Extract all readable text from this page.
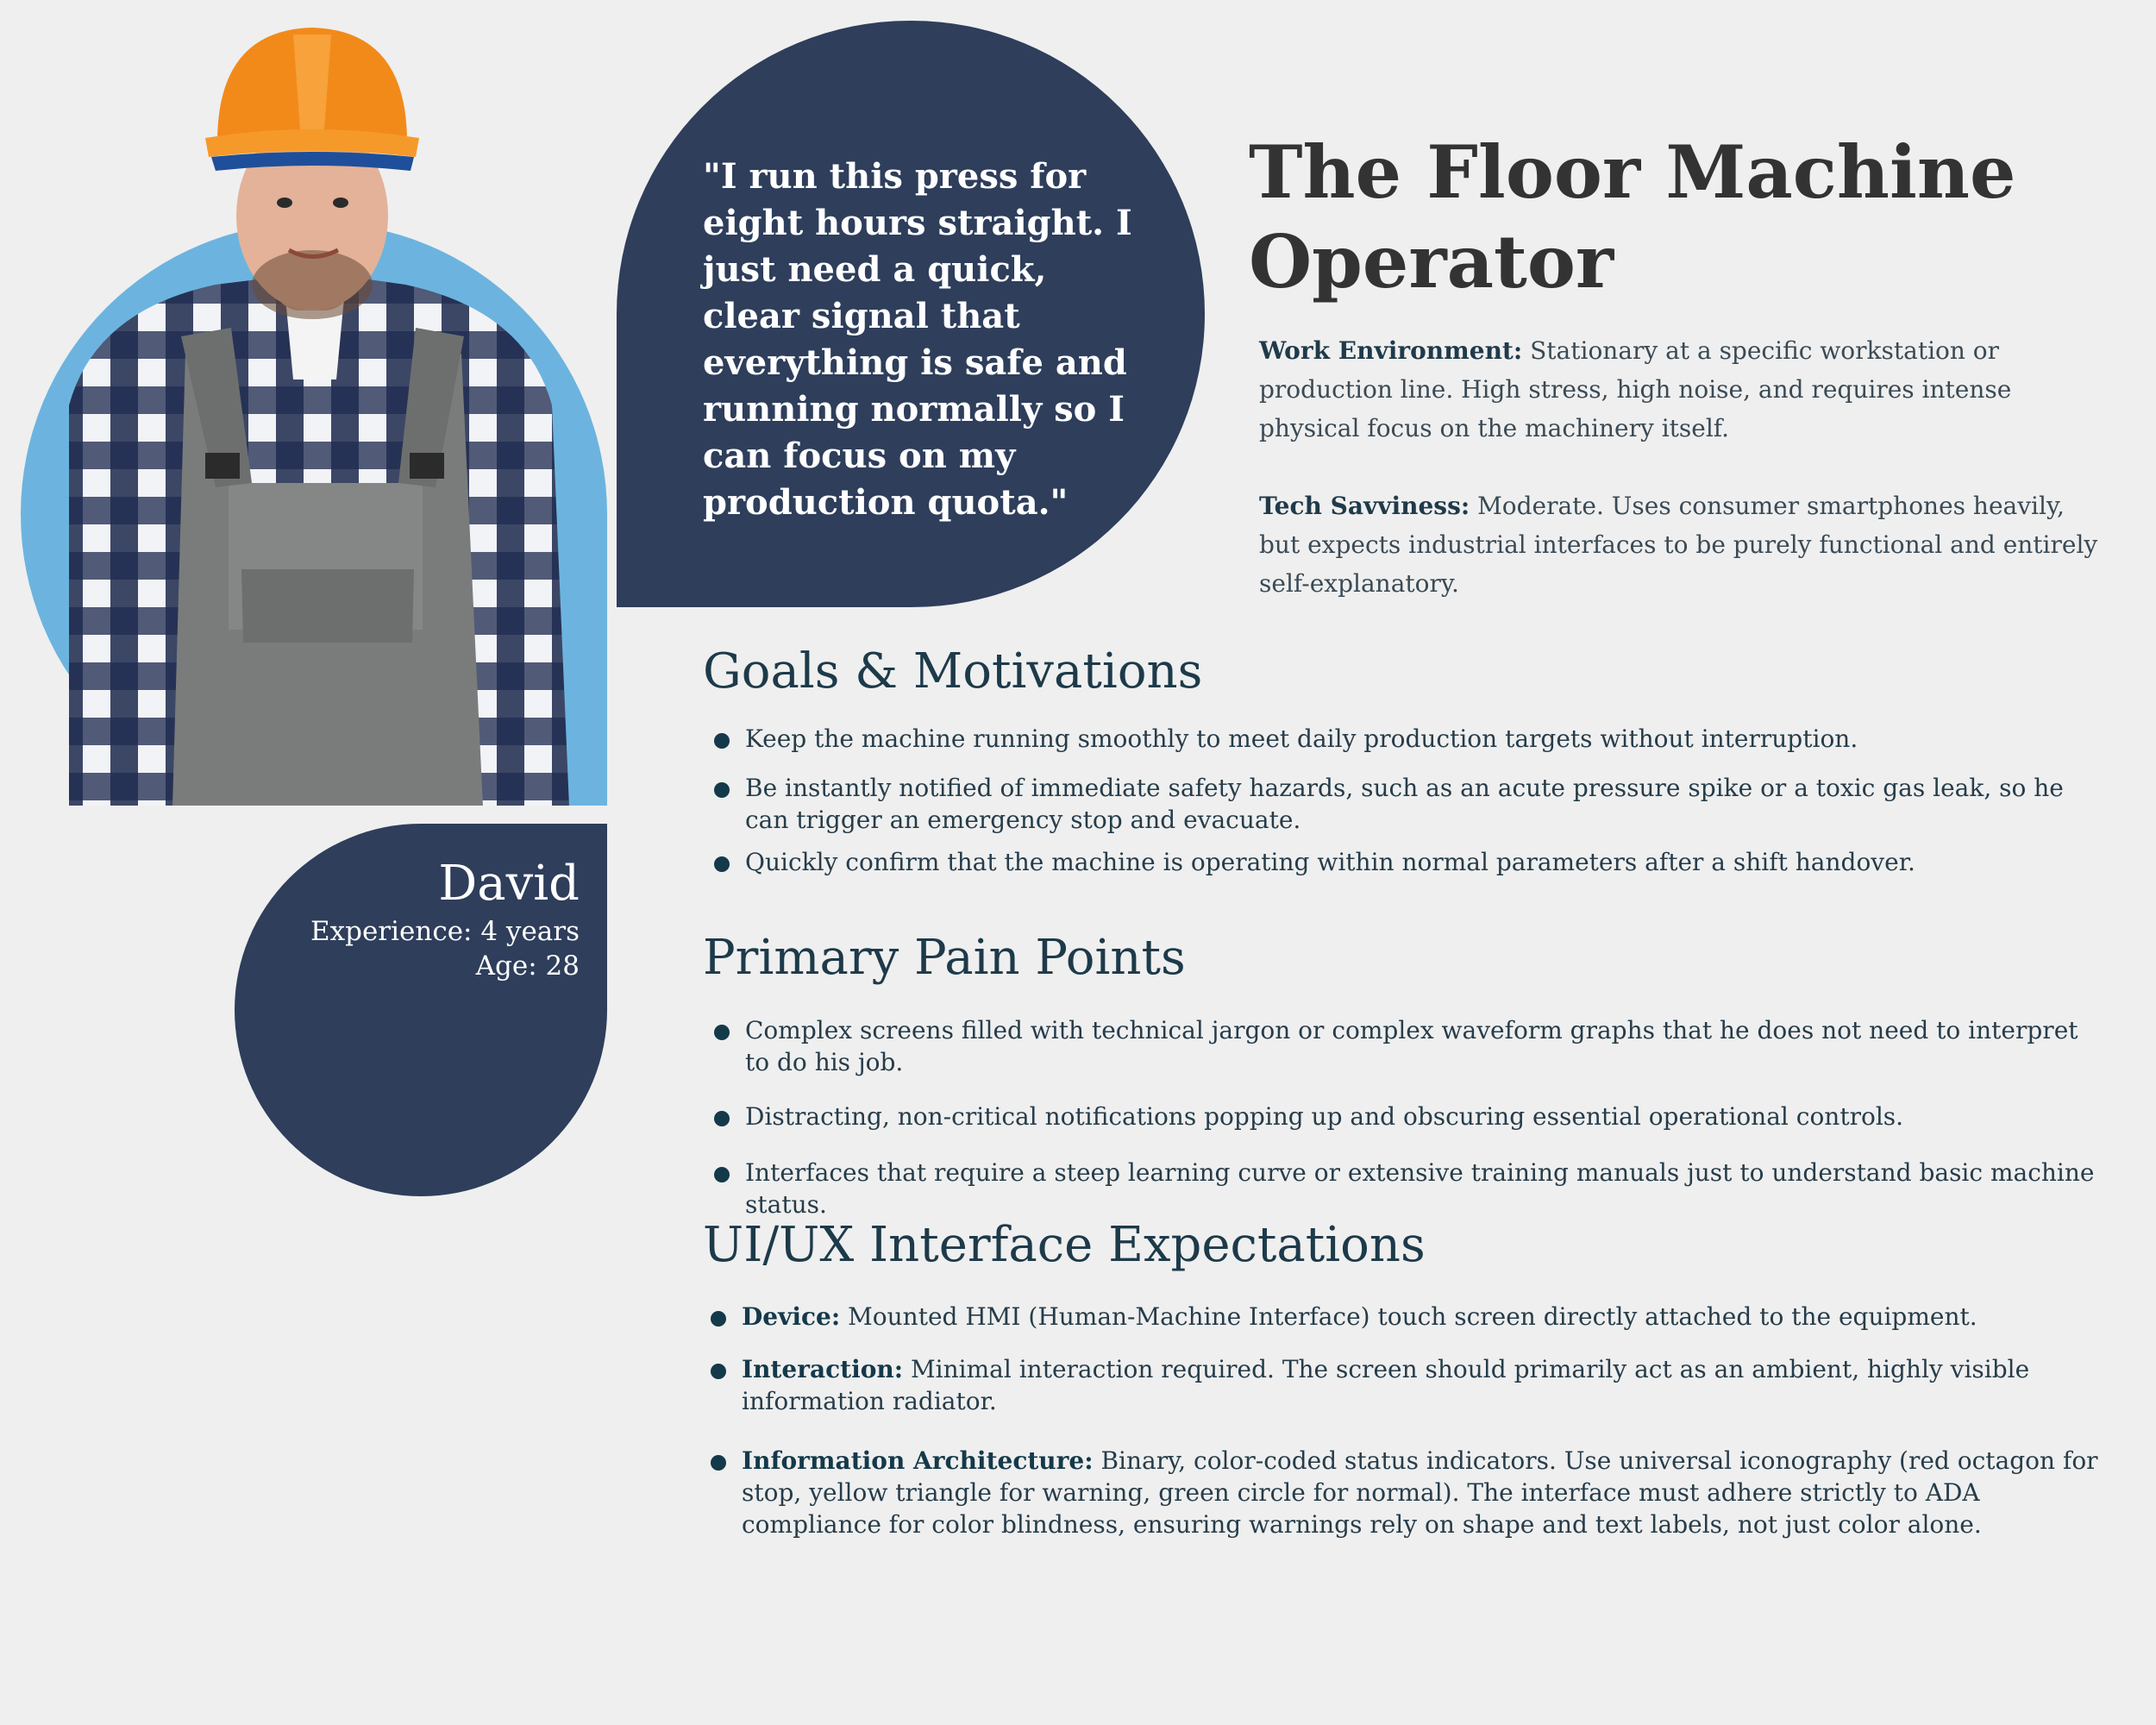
"I run this press for eight hours straight. I just need a quick, clear signal that everything is safe and running normally so I can focus on my production quota."
David
Experience: 4 years
Age: 28
The Floor Machine Operator
Work Environment: Stationary at a specific workstation or production line. High stress, high noise, and requires intense physical focus on the machinery itself.
Tech Savviness: Moderate. Uses consumer smartphones heavily, but expects industrial interfaces to be purely functional and entirely self-explanatory.
Goals & Motivations
Keep the machine running smoothly to meet daily production targets without interruption.
Be instantly notified of immediate safety hazards, such as an acute pressure spike or a toxic gas leak, so he can trigger an emergency stop and evacuate.
Quickly confirm that the machine is operating within normal parameters after a shift handover.
Primary Pain Points
Complex screens filled with technical jargon or complex waveform graphs that he does not need to interpret to do his job.
Distracting, non-critical notifications popping up and obscuring essential operational controls.
Interfaces that require a steep learning curve or extensive training manuals just to understand basic machine status.
UI/UX Interface Expectations
Device: Mounted HMI (Human-Machine Interface) touch screen directly attached to the equipment.
Interaction: Minimal interaction required. The screen should primarily act as an ambient, highly visible information radiator.
Information Architecture: Binary, color-coded status indicators. Use universal iconography (red octagon for stop, yellow triangle for warning, green circle for normal). The interface must adhere strictly to ADA compliance for color blindness, ensuring warnings rely on shape and text labels, not just color alone.
